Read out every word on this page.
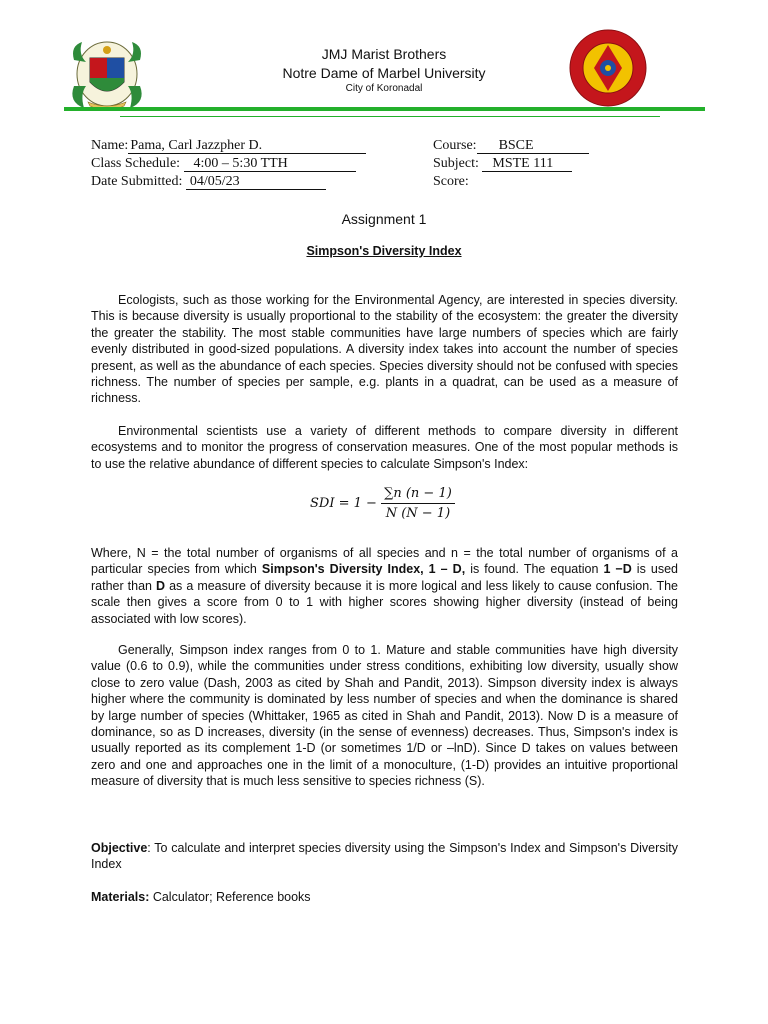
JMJ Marist Brothers
Notre Dame of Marbel University
City of Koronadal
Name: Pama, Carl Jazzpher D.
Class Schedule: 4:00 – 5:30 TTH
Date Submitted: 04/05/23
Course: BSCE
Subject: MSTE 111
Score:
Assignment 1
Simpson's Diversity Index
Ecologists, such as those working for the Environmental Agency, are interested in species diversity. This is because diversity is usually proportional to the stability of the ecosystem: the greater the diversity the greater the stability. The most stable communities have large numbers of species which are fairly evenly distributed in good-sized populations. A diversity index takes into account the number of species present, as well as the abundance of each species. Species diversity should not be confused with species richness. The number of species per sample, e.g. plants in a quadrat, can be used as a measure of richness.
Environmental scientists use a variety of different methods to compare diversity in different ecosystems and to monitor the progress of conservation measures. One of the most popular methods is to use the relative abundance of different species to calculate Simpson's Index:
SDI = $1 - \frac{\sum n (n - 1)}{N (N - 1)}$
Where, N = the total number of organisms of all species and n = the total number of organisms of a particular species from which Simpson's Diversity Index, 1 – D, is found. The equation 1 −D is used rather than D as a measure of diversity because it is more logical and less likely to cause confusion. The scale then gives a score from 0 to 1 with higher scores showing higher diversity (instead of being associated with low scores).
Generally, Simpson index ranges from 0 to 1. Mature and stable communities have high diversity value (0.6 to 0.9), while the communities under stress conditions, exhibiting low diversity, usually show close to zero value (Dash, 2003 as cited by Shah and Pandit, 2013). Simpson diversity index is always higher where the community is dominated by less number of species and when the dominance is shared by large number of species (Whittaker, 1965 as cited in Shah and Pandit, 2013). Now D is a measure of dominance, so as D increases, diversity (in the sense of evenness) decreases. Thus, Simpson's index is usually reported as its complement 1-D (or sometimes 1/D or –lnD). Since D takes on values between zero and one and approaches one in the limit of a monoculture, (1-D) provides an intuitive proportional measure of diversity that is much less sensitive to species richness (S).
Objective: To calculate and interpret species diversity using the Simpson's Index and Simpson's Diversity Index
Materials: Calculator; Reference books
